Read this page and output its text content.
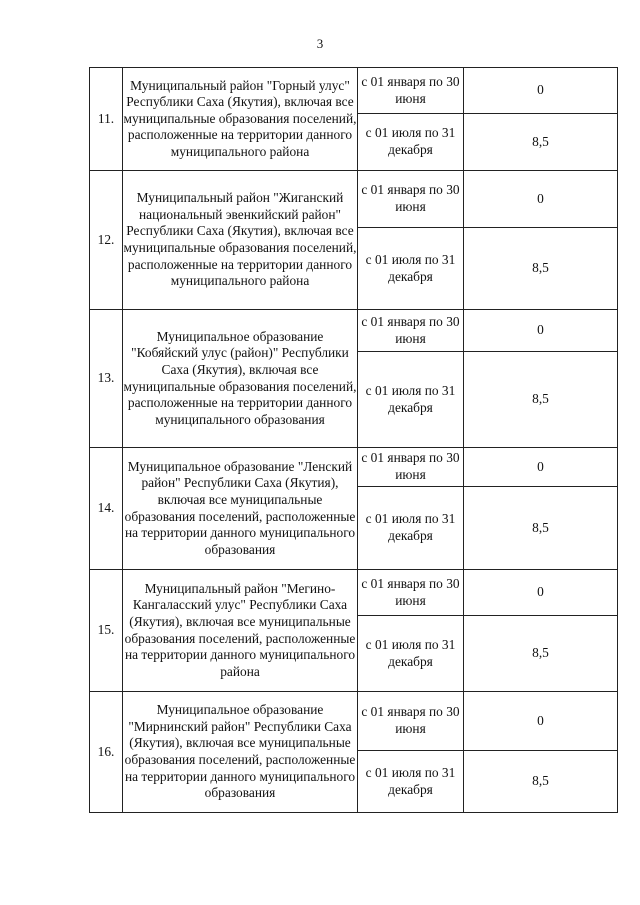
3
11.	Муниципальный район "Горный улус" Республики Саха (Якутия), включая все муниципальные образования поселений, расположенные на территории данного муниципального района	с 01 января по 30 июня	0
		с 01 июля по 31 декабря	8,5
12.	Муниципальный район "Жиганский национальный эвенкийский район" Республики Саха (Якутия), включая все муниципальные образования поселений, расположенные на территории данного муниципального района	с 01 января по 30 июня	0
		с 01 июля по 31 декабря	8,5
13.	Муниципальное образование "Кобяйский улус (район)" Республики Саха (Якутия), включая все муниципальные образования поселений, расположенные на территории данного муниципального образования	с 01 января по 30 июня	0
		с 01 июля по 31 декабря	8,5
14.	Муниципальное образование "Ленский район" Республики Саха (Якутия), включая все муниципальные образования поселений, расположенные на территории данного муниципального образования	с 01 января по 30 июня	0
		с 01 июля по 31 декабря	8,5
15.	Муниципальный район "Мегино-Кангаласский улус" Республики Саха (Якутия), включая все муниципальные образования поселений, расположенные на территории данного муниципального района	с 01 января по 30 июня	0
		с 01 июля по 31 декабря	8,5
16.	Муниципальное образование "Мирнинский район" Республики Саха (Якутия), включая все муниципальные образования поселений, расположенные на территории данного муниципального образования	с 01 января по 30 июня	0
		с 01 июля по 31 декабря	8,5
